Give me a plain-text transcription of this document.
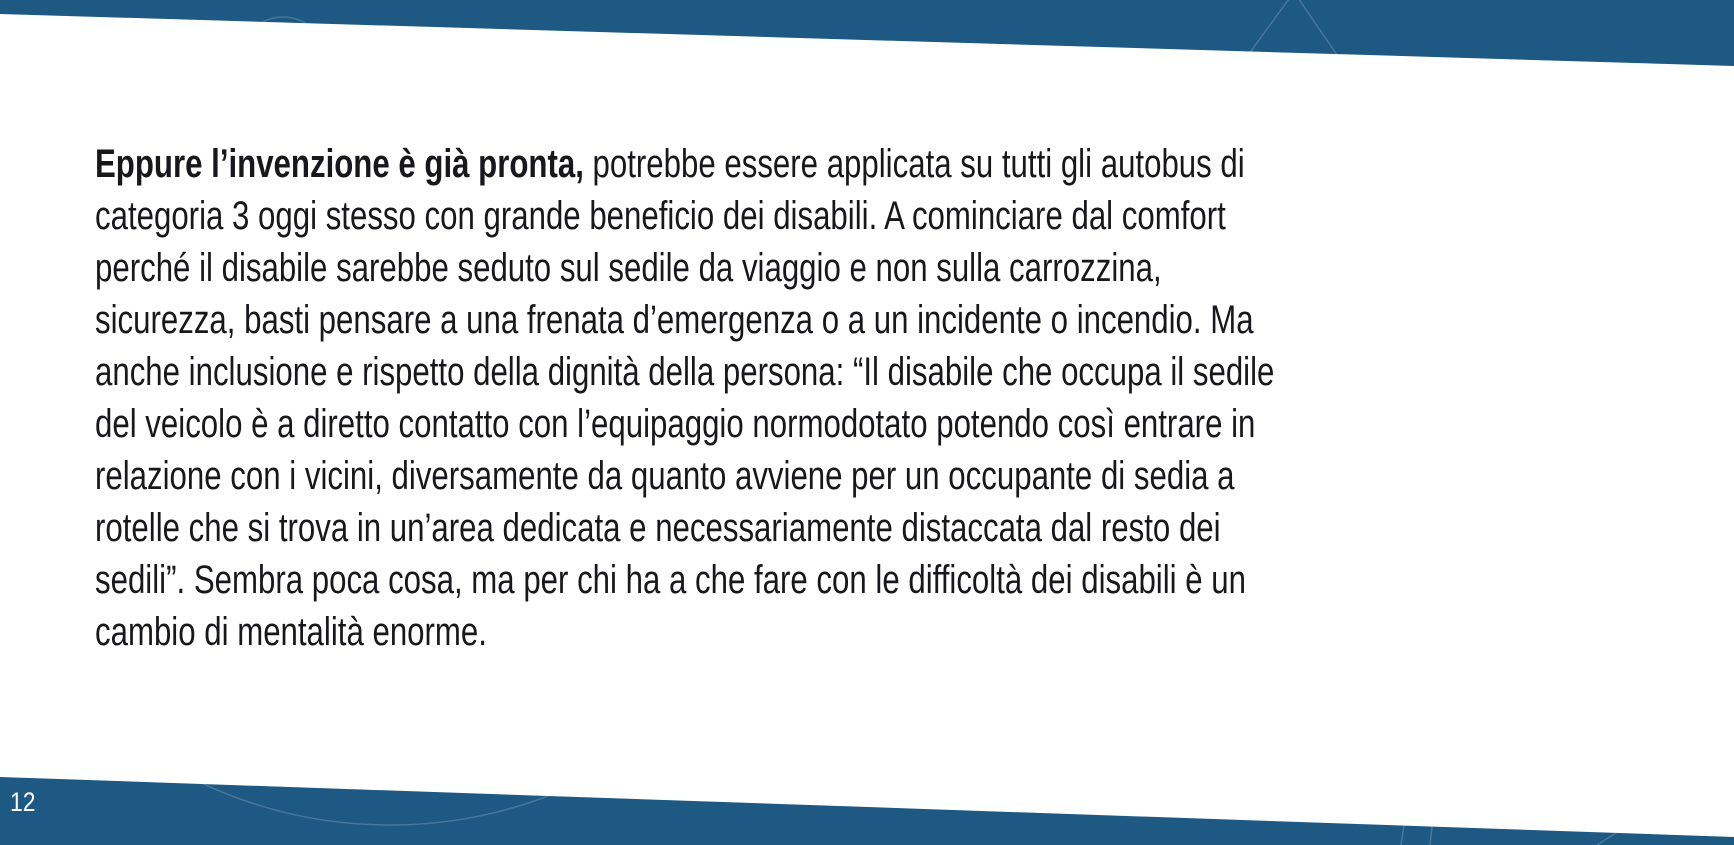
Eppure l’invenzione è già pronta, potrebbe essere applicata su tutti gli autobus di

categoria 3 oggi stesso con grande beneficio dei disabili. A cominciare dal comfort

perché il disabile sarebbe seduto sul sedile da viaggio e non sulla carrozzina,

sicurezza, basti pensare a una frenata d’emergenza o a un incidente o incendio. Ma

anche inclusione e rispetto della dignità della persona: “Il disabile che occupa il sedile

del veicolo è a diretto contatto con l’equipaggio normodotato potendo così entrare in

relazione con i vicini, diversamente da quanto avviene per un occupante di sedia a

rotelle che si trova in un’area dedicata e necessariamente distaccata dal resto dei

sedili”. Sembra poca cosa, ma per chi ha a che fare con le difficoltà dei disabili è un

cambio di mentalità enorme.

12
